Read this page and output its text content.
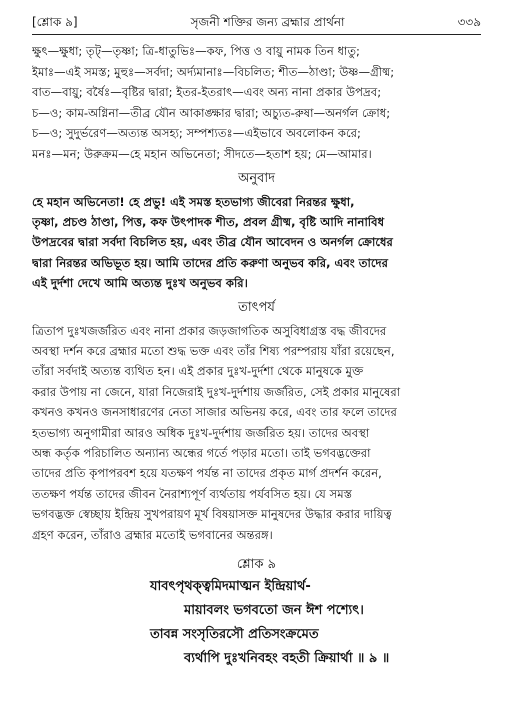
[শ্লোক ৯]	সৃজনী শক্তির জন্য ব্রহ্মার প্রার্থনা	৩৩৯
ক্ষুৎ—ক্ষুধা; তৃট্—তৃষ্ণা; ত্রি-ধাতুভিঃ—কফ, পিত্ত ও বায়ু নামক তিন ধাতু;
ইমাঃ—এই সমস্ত; মুহুঃ—সর্বদা; অর্দ্যমানাঃ—বিচলিত; শীত—ঠাণ্ডা; উষ্ণ—গ্রীষ্ম;
বাত—বায়ু; বর্ষৈঃ—বৃষ্টির দ্বারা; ইতর-ইতরাৎ—এবং অন্য নানা প্রকার উপদ্রব;
চ—ও; কাম-অগ্নিনা—তীব্র যৌন আকাঙ্ক্ষার দ্বারা; অচ্যুত-রুষা—অনর্গল ক্রোধ;
চ—ও; সুদুর্ভরেণ—অত্যন্ত অসহ্য; সম্পশ্যতঃ—এইভাবে অবলোকন করে;
মনঃ—মন; উরুক্রম—হে মহান অভিনেতা; সীদতে—হতাশ হয়; মে—আমার।
অনুবাদ
হে মহান অভিনেতা! হে প্রভু! এই সমস্ত হতভাগ্য জীবেরা নিরন্তর ক্ষুধা,
তৃষ্ণা, প্রচণ্ড ঠাণ্ডা, পিত্ত, কফ উৎপাদক শীত, প্রবল গ্রীষ্ম, বৃষ্টি আদি নানাবিধ
উপদ্রবের দ্বারা সর্বদা বিচলিত হয়, এবং তীব্র যৌন আবেদন ও অনর্গল ক্রোধের
দ্বারা নিরন্তর অভিভূত হয়। আমি তাদের প্রতি করুণা অনুভব করি, এবং তাদের
এই দুর্দশা দেখে আমি অত্যন্ত দুঃখ অনুভব করি।
তাৎপর্য
ত্রিতাপ দুঃখজর্জরিত এবং নানা প্রকার জড়জাগতিক অসুবিধাগ্রস্ত বদ্ধ জীবদের
অবস্থা দর্শন করে ব্রহ্মার মতো শুদ্ধ ভক্ত এবং তাঁর শিষ্য পরম্পরায় যাঁরা রয়েছেন,
তাঁরা সর্বদাই অত্যন্ত ব্যথিত হন। এই প্রকার দুঃখ-দুর্দশা থেকে মানুষকে মুক্ত
করার উপায় না জেনে, যারা নিজেরাই দুঃখ-দুর্দশায় জর্জরিত, সেই প্রকার মানুষেরা
কখনও কখনও জনসাধারণের নেতা সাজার অভিনয় করে, এবং তার ফলে তাদের
হতভাগ্য অনুগামীরা আরও অধিক দুঃখ-দুর্দশায় জর্জরিত হয়। তাদের অবস্থা
অন্ধ কর্তৃক পরিচালিত অন্যান্য অন্ধের গর্তে পড়ার মতো। তাই ভগবদ্ভক্তেরা
তাদের প্রতি কৃপাপরবশ হয়ে যতক্ষণ পর্যন্ত না তাদের প্রকৃত মার্গ প্রদর্শন করেন,
ততক্ষণ পর্যন্ত তাদের জীবন নৈরাশ্যপূর্ণ ব্যর্থতায় পর্যবসিত হয়। যে সমস্ত
ভগবদ্ভক্ত স্বেচ্ছায় ইন্দ্রিয় সুখপরায়ণ মূর্খ বিষয়াসক্ত মানুষদের উদ্ধার করার দায়িত্ব
গ্রহণ করেন, তাঁরাও ব্রহ্মার মতোই ভগবানের অন্তরঙ্গ।
শ্লোক ৯
যাবৎপৃথক্ত্বমিদমাত্মন ইন্দ্রিয়ার্থ-
মায়াবলং ভগবতো জন ঈশ পশ্যেৎ।
তাবন্ন সংসৃতিরসৌ প্রতিসংক্রমেত
ব্যর্থাপি দুঃখনিবহং বহতী ক্রিয়ার্থা ॥ ৯ ॥
